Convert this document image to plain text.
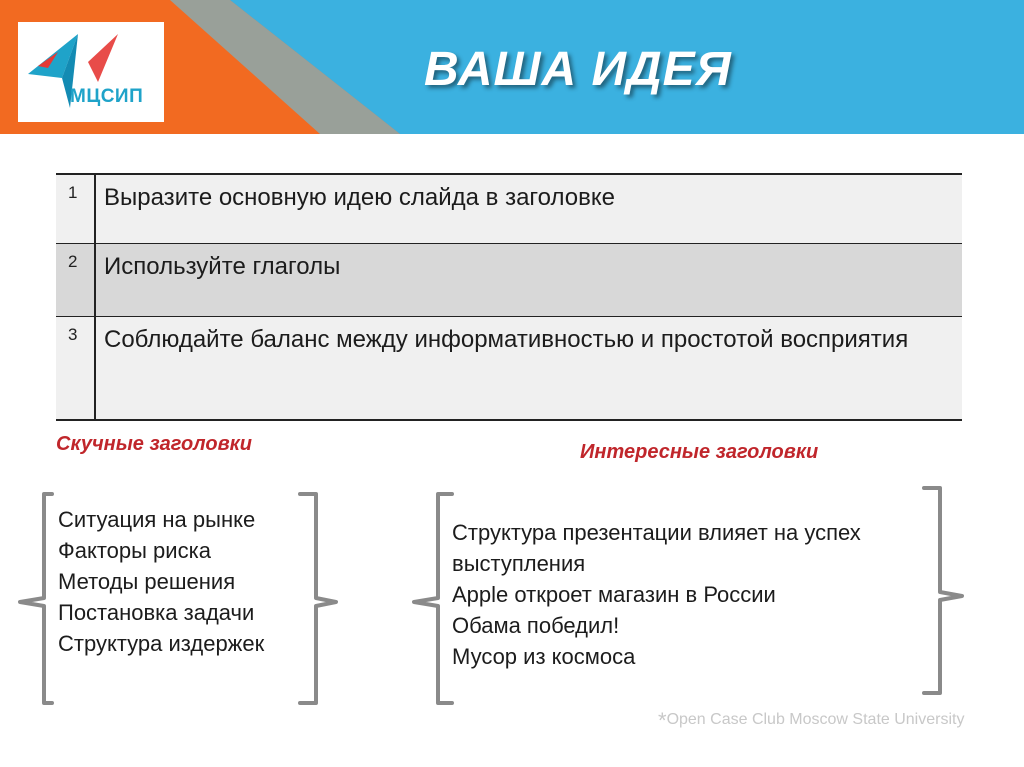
МЦСИП
ВАША ИДЕЯ
1	Выразите основную идею слайда в заголовке
2	Используйте глаголы
3	Соблюдайте баланс между информативностью и простотой восприятия

Скучные заголовки	Интересные заголовки

Ситуация на рынке
Факторы риска
Методы решения
Постановка задачи
Структура издержек
Структура презентации влияет на успех
выступления
Apple откроет магазин в России
Обама победил!
Мусор из космоса
*Open Case Club Moscow State University
